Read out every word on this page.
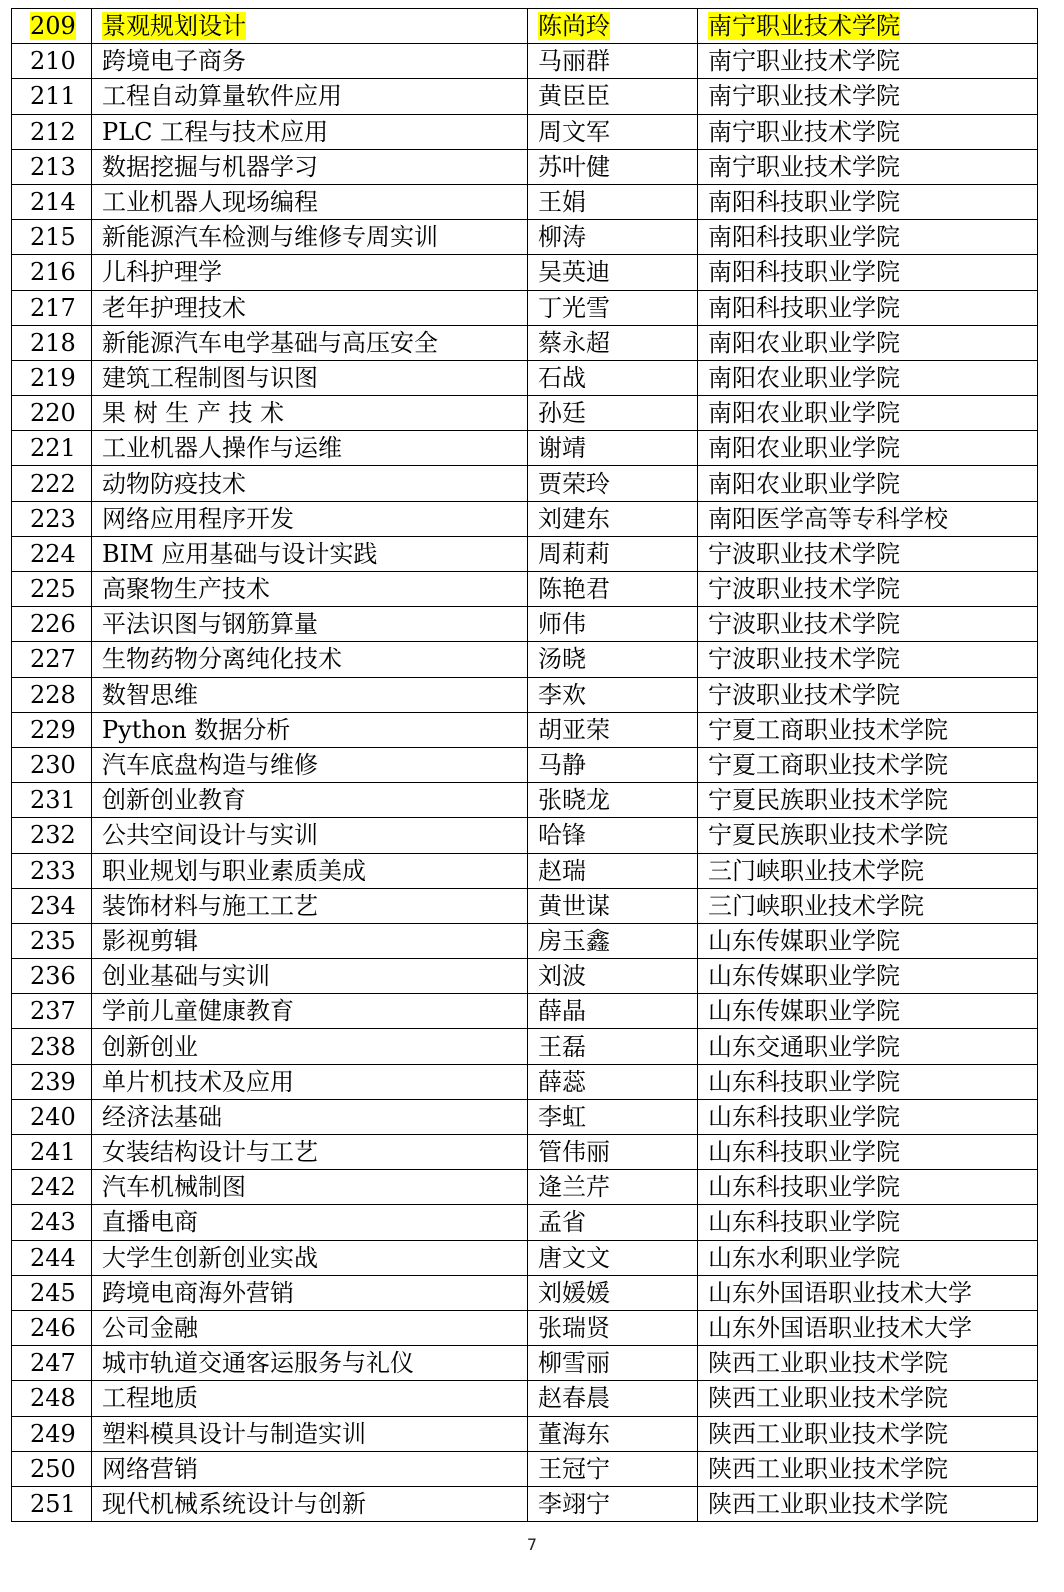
209	景观规划设计	陈尚玲	南宁职业技术学院
210	跨境电子商务	马丽群	南宁职业技术学院
211	工程自动算量软件应用	黄臣臣	南宁职业技术学院
212	PLC 工程与技术应用	周文军	南宁职业技术学院
213	数据挖掘与机器学习	苏叶健	南宁职业技术学院
214	工业机器人现场编程	王娟	南阳科技职业学院
215	新能源汽车检测与维修专周实训	柳涛	南阳科技职业学院
216	儿科护理学	吴英迪	南阳科技职业学院
217	老年护理技术	丁光雪	南阳科技职业学院
218	新能源汽车电学基础与高压安全	蔡永超	南阳农业职业学院
219	建筑工程制图与识图	石战	南阳农业职业学院
220	果 树 生 产 技 术	孙廷	南阳农业职业学院
221	工业机器人操作与运维	谢靖	南阳农业职业学院
222	动物防疫技术	贾荣玲	南阳农业职业学院
223	网络应用程序开发	刘建东	南阳医学高等专科学校
224	BIM 应用基础与设计实践	周莉莉	宁波职业技术学院
225	高聚物生产技术	陈艳君	宁波职业技术学院
226	平法识图与钢筋算量	师伟	宁波职业技术学院
227	生物药物分离纯化技术	汤晓	宁波职业技术学院
228	数智思维	李欢	宁波职业技术学院
229	Python 数据分析	胡亚荣	宁夏工商职业技术学院
230	汽车底盘构造与维修	马静	宁夏工商职业技术学院
231	创新创业教育	张晓龙	宁夏民族职业技术学院
232	公共空间设计与实训	哈锋	宁夏民族职业技术学院
233	职业规划与职业素质美成	赵瑞	三门峡职业技术学院
234	装饰材料与施工工艺	黄世谋	三门峡职业技术学院
235	影视剪辑	房玉鑫	山东传媒职业学院
236	创业基础与实训	刘波	山东传媒职业学院
237	学前儿童健康教育	薛晶	山东传媒职业学院
238	创新创业	王磊	山东交通职业学院
239	单片机技术及应用	薛蕊	山东科技职业学院
240	经济法基础	李虹	山东科技职业学院
241	女装结构设计与工艺	管伟丽	山东科技职业学院
242	汽车机械制图	逄兰芹	山东科技职业学院
243	直播电商	孟省	山东科技职业学院
244	大学生创新创业实战	唐文文	山东水利职业学院
245	跨境电商海外营销	刘媛媛	山东外国语职业技术大学
246	公司金融	张瑞贤	山东外国语职业技术大学
247	城市轨道交通客运服务与礼仪	柳雪丽	陕西工业职业技术学院
248	工程地质	赵春晨	陕西工业职业技术学院
249	塑料模具设计与制造实训	董海东	陕西工业职业技术学院
250	网络营销	王冠宁	陕西工业职业技术学院
251	现代机械系统设计与创新	李翊宁	陕西工业职业技术学院
7
